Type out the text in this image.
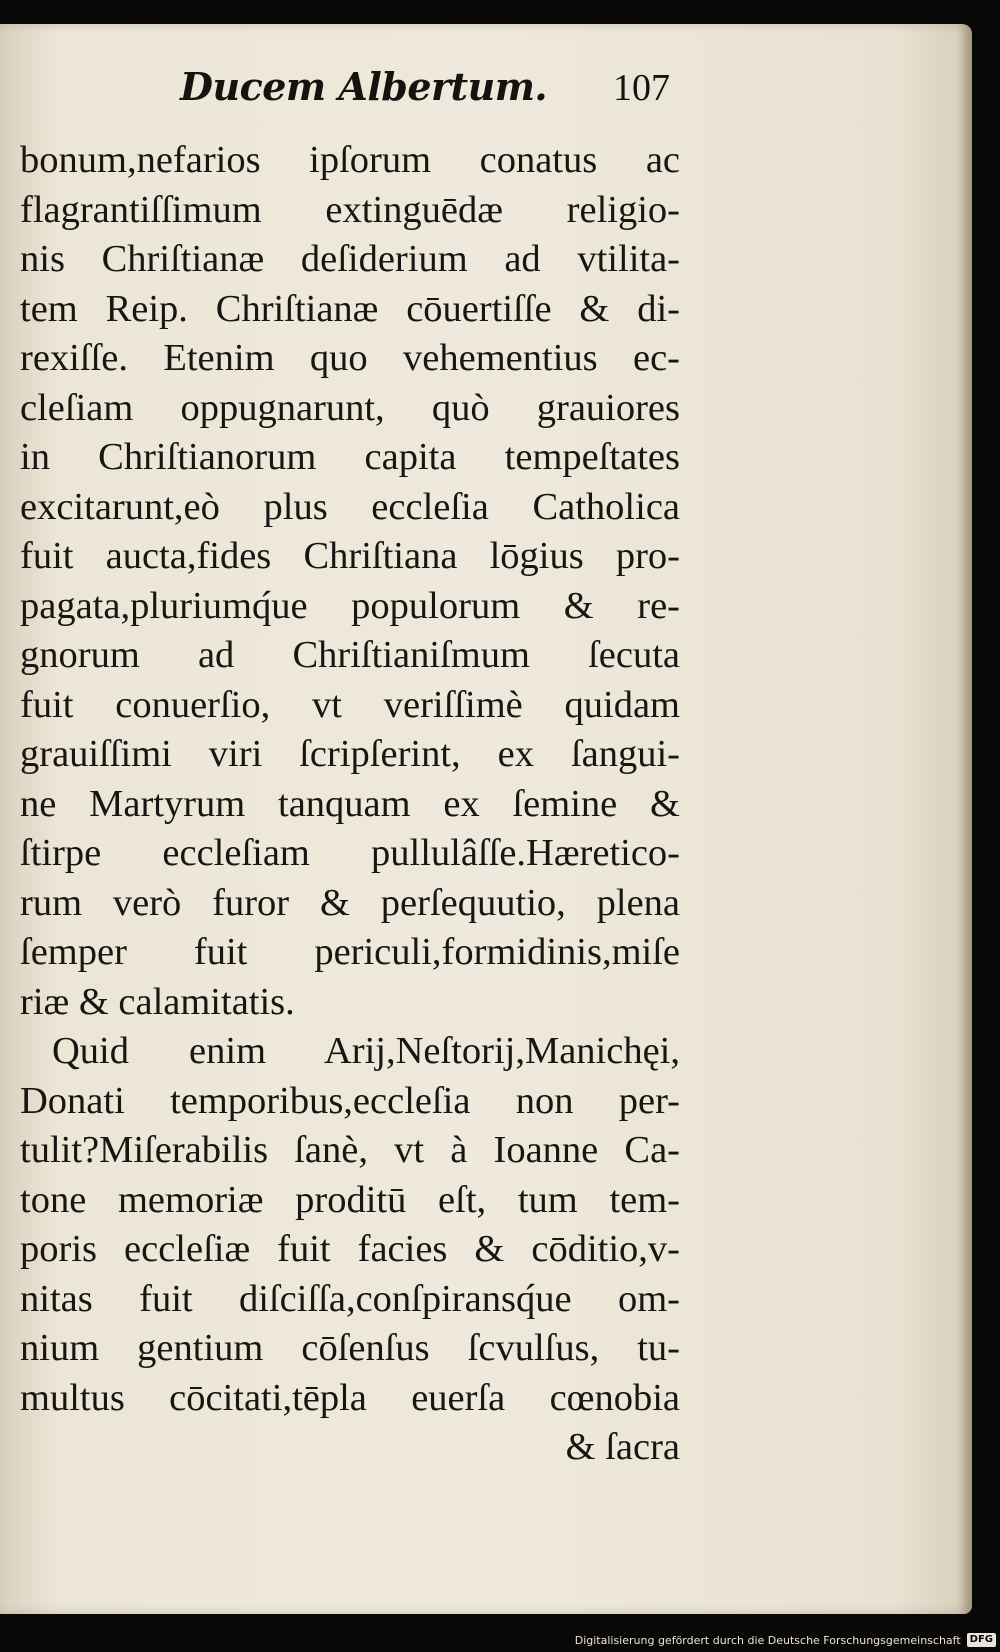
Ducem Albertum. 107
bonum,nefarios ipſorum conatus ac
flagrantiſſimum extinguēdæ religio-
nis Chriſtianæ deſiderium ad vtilita-
tem Reip. Chriſtianæ cōuertiſſe & di-
rexiſſe. Etenim quo vehementius ec-
cleſiam oppugnarunt, quò grauiores
in Chriſtianorum capita tempeſtates
excitarunt,eò plus eccleſia Catholica
fuit aucta,fides Chriſtiana lōgius pro-
pagata,pluriumq́ue populorum & re-
gnorum ad Chriſtianiſmum ſecuta
fuit conuerſio, vt veriſſimè quidam
grauiſſimi viri ſcripſerint, ex ſangui-
ne Martyrum tanquam ex ſemine &
ſtirpe eccleſiam pullulâſſe.Hæretico-
rum verò furor & perſequutio, plena
ſemper fuit periculi,formidinis,miſe
riæ & calamitatis.
Quid enim Arij,Neſtorij,Manichęi,
Donati temporibus,eccleſia non per-
tulit?Miſerabilis ſanè, vt à Ioanne Ca-
tone memoriæ proditū eſt, tum tem-
poris eccleſiæ fuit facies & cōditio,v-
nitas fuit diſciſſa,conſpiransq́ue om-
nium gentium cōſenſus ſcvulſus, tu-
multus cōcitati,tēpla euerſa cœnobia
& ſacra
Digitalisierung gefördert durch die Deutsche Forschungsgemeinschaft DFG
